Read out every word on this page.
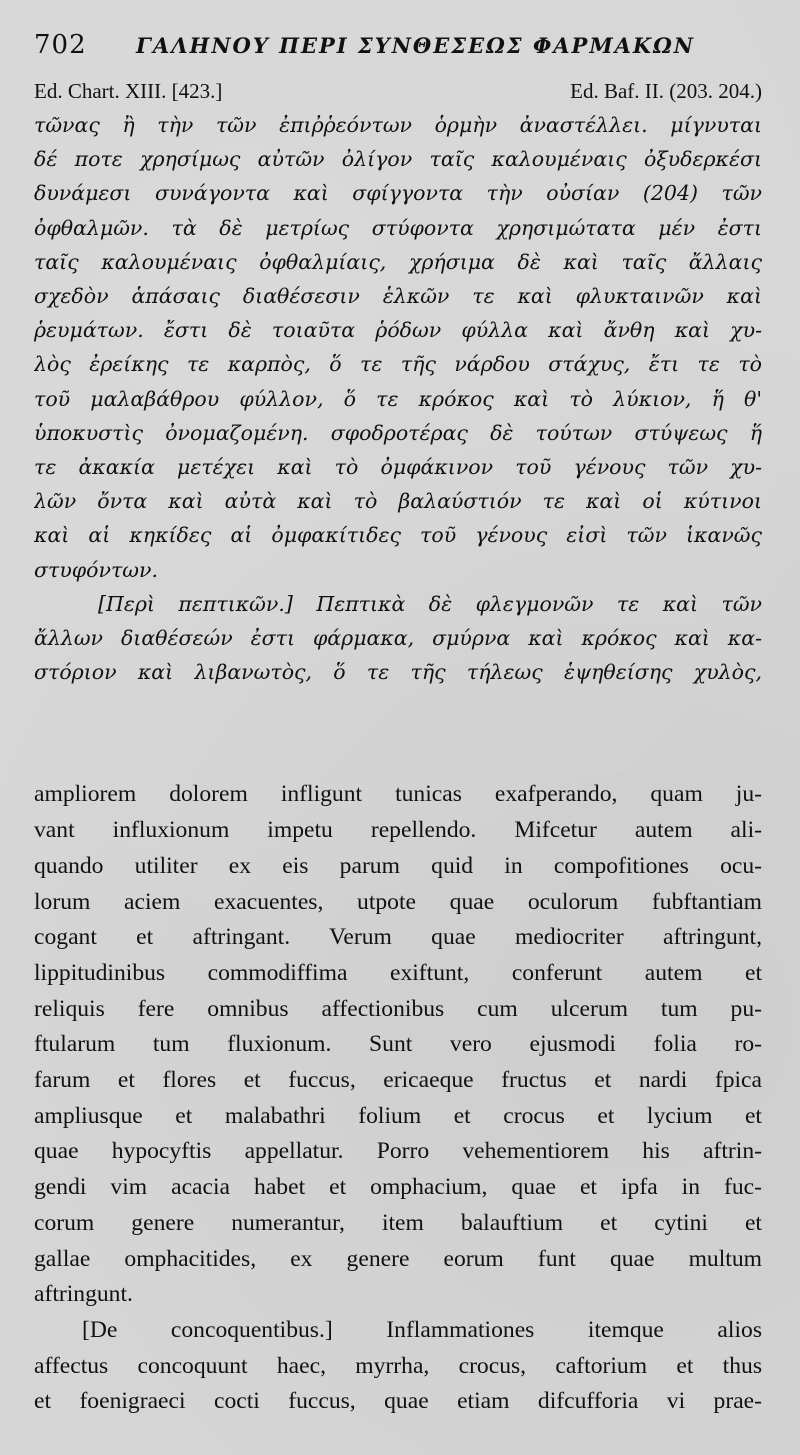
702	ΓΑΛΗΝΟΥ ΠΕΡΙ ΣΥΝΘΕΣΕΩΣ ΦΑΡΜΑΚΩΝ
Ed. Chart. XIII. [423.]	Ed. Baf. II. (203. 204.)
τῶνας ἢ τὴν τῶν ἐπιῤῥεόντων ὁρμὴν ἀναστέλλει. μίγνυται
δέ ποτε χρησίμως αὐτῶν ὀλίγον ταῖς καλουμέναις ὀξυδερκέσι
δυνάμεσι συνάγοντα καὶ σφίγγοντα τὴν οὐσίαν (204) τῶν
ὀφθαλμῶν. τὰ δὲ μετρίως στύφοντα χρησιμώτατα μέν ἐστι
ταῖς καλουμέναις ὀφθαλμίαις, χρήσιμα δὲ καὶ ταῖς ἄλλαις
σχεδὸν ἁπάσαις διαθέσεσιν ἑλκῶν τε καὶ φλυκταινῶν καὶ
ῥευμάτων. ἔστι δὲ τοιαῦτα ῥόδων φύλλα καὶ ἄνθη καὶ χυ-
λὸς ἐρείκης τε καρπὸς, ὅ τε τῆς νάρδου στάχυς, ἔτι τε τὸ
τοῦ μαλαβάθρου φύλλον, ὅ τε κρόκος καὶ τὸ λύκιον, ἥ θ'
ὑποκυστὶς ὀνομαζομένη. σφοδροτέρας δὲ τούτων στύψεως ἥ
τε ἀκακία μετέχει καὶ τὸ ὀμφάκινον τοῦ γένους τῶν χυ-
λῶν ὄντα καὶ αὐτὰ καὶ τὸ βαλαύστιόν τε καὶ οἱ κύτινοι
καὶ αἱ κηκίδες αἱ ὀμφακίτιδες τοῦ γένους εἰσὶ τῶν ἱκανῶς
στυφόντων.
[Περὶ πεπτικῶν.] Πεπτικὰ δὲ φλεγμονῶν τε καὶ τῶν
ἄλλων διαθέσεών ἐστι φάρμακα, σμύρνα καὶ κρόκος καὶ κα-
στόριον καὶ λιβανωτὸς, ὅ τε τῆς τήλεως ἑψηθείσης χυλὸς,
ampliorem dolorem infligunt tunicas exafperando, quam ju-
vant influxionum impetu repellendo. Mifcetur autem ali-
quando utiliter ex eis parum quid in compofitiones ocu-
lorum aciem exacuentes, utpote quae oculorum fubftantiam
cogant et aftringant. Verum quae mediocriter aftringunt,
lippitudinibus commodiffima exiftunt, conferunt autem et
reliquis fere omnibus affectionibus cum ulcerum tum pu-
ftularum tum fluxionum. Sunt vero ejusmodi folia ro-
farum et flores et fuccus, ericaeque fructus et nardi fpica
ampliusque et malabathri folium et crocus et lycium et
quae hypocyftis appellatur. Porro vehementiorem his aftrin-
gendi vim acacia habet et omphacium, quae et ipfa in fuc-
corum genere numerantur, item balauftium et cytini et
gallae omphacitides, ex genere eorum funt quae multum
aftringunt.
[De concoquentibus.] Inflammationes itemque alios
affectus concoquunt haec, myrrha, crocus, caftorium et thus
et foenigraeci cocti fuccus, quae etiam difcufforia vi prae-
